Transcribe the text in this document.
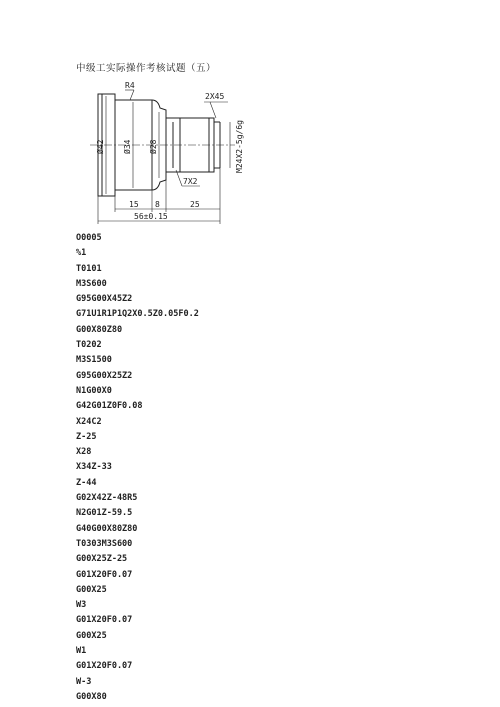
中级工实际操作考核试题（五）
R4
2X45
7X2
Ø42 Ø34 Ø28	M24X2-5g/6g
15 8	25
56±0.15
O0005
%1
T0101
M3S600
G95G00X45Z2
G71U1R1P1Q2X0.5Z0.05F0.2
G00X80Z80
T0202
M3S1500
G95G00X25Z2
N1G00X0
G42G01Z0F0.08
X24C2
Z-25
X28
X34Z-33
Z-44
G02X42Z-48R5
N2G01Z-59.5
G40G00X80Z80
T0303M3S600
G00X25Z-25
G01X20F0.07
G00X25
W3
G01X20F0.07
G00X25
W1
G01X20F0.07
W-3
G00X80
